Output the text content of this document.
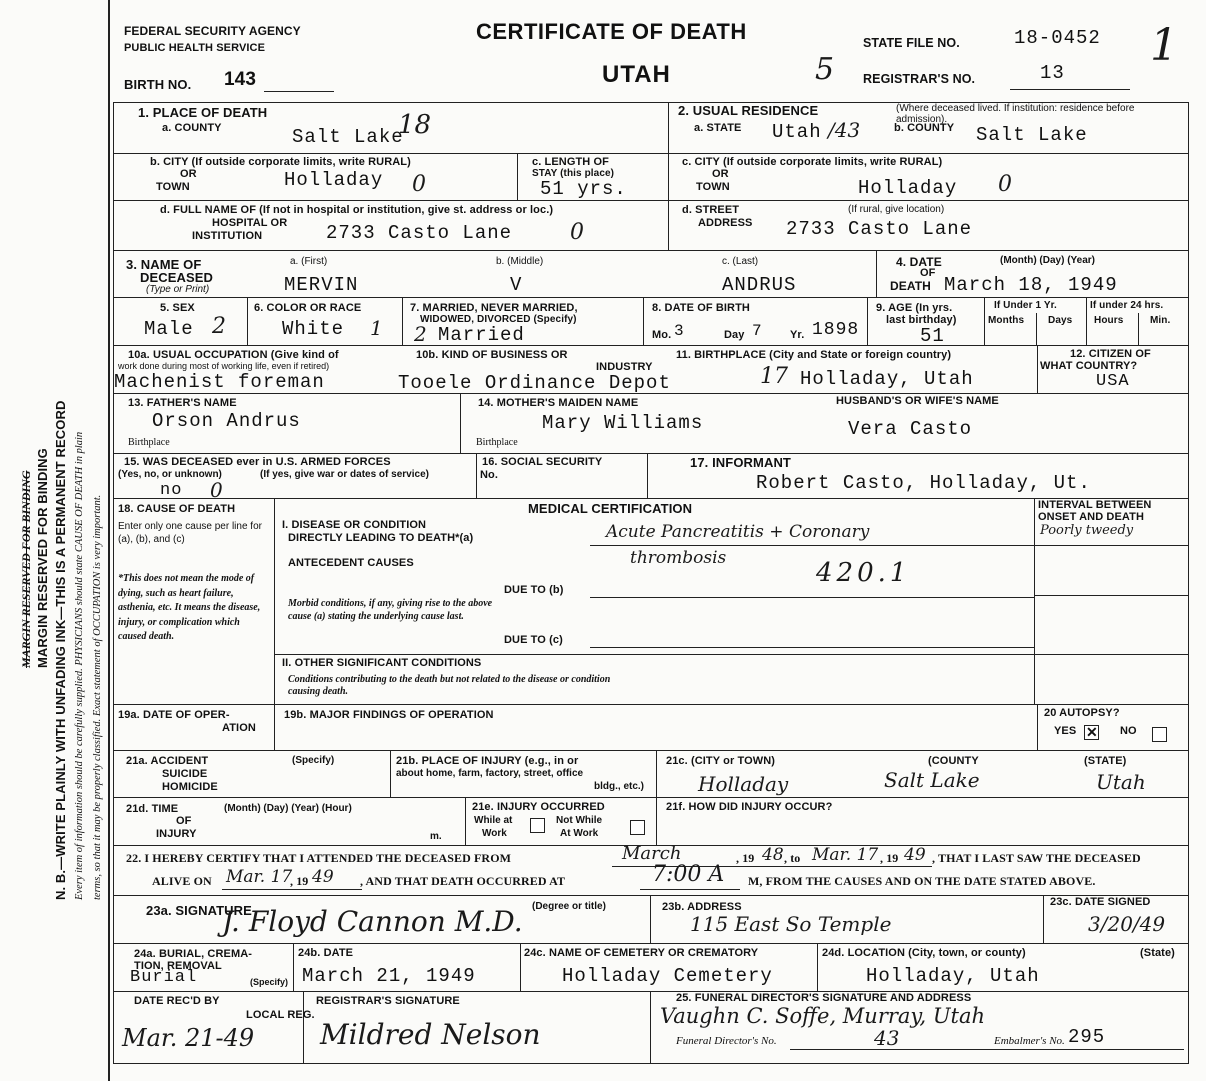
MARGIN RESERVED FOR BINDING MARGIN RESERVED FOR BINDING N. B.—WRITE PLAINLY WITH UNFADING INK—THIS IS A PERMANENT RECORD Every item of information should be carefully supplied. PHYSICIANS should state CAUSE OF DEATH in plain terms, so that it may be properly classified. Exact statement of OCCUPATION is very important.
FEDERAL SECURITY AGENCY
PUBLIC HEALTH SERVICE
CERTIFICATE OF DEATH	STATE FILE NO.	18-0452 1
BIRTH NO. 143	UTAH	5 REGISTRAR'S NO.	13
1. PLACE OF DEATH
a. COUNTY	Salt Lake
18
b. CITY (If outside corporate limits, write RURAL)
OR
TOWN	Holladay 0
c. LENGTH OF
STAY (this place)
51 yrs.
d. FULL NAME OF (If not in hospital or institution, give st. address or loc.)
HOSPITAL OR
INSTITUTION	2733 Casto Lane	0
2. USUAL RESIDENCE	(Where deceased lived. If institution: residence before admission).
a. STATE Utah /43	b. COUNTY Salt Lake
c. CITY (If outside corporate limits, write RURAL)
OR
TOWN	Holladay 0
d. STREET
ADDRESS
(If rural, give location)
2733 Casto Lane
3. NAME OF
DECEASED
(Type or Print)
a. (First)	b. (Middle)	c. (Last)
MERVIN	V	ANDRUS
4. DATE
OF
DEATH
(Month) (Day) (Year)
March 18, 1949
5. SEX
Male 2
6. COLOR OR RACE
White 1
7. MARRIED, NEVER MARRIED,
WIDOWED, DIVORCED (Specify)
2 Married
8. DATE OF BIRTH
Mo. 3	Day 7 Yr. 1898
9. AGE (In yrs.
last birthday)
51
If Under 1 Yr.
Months Days
If under 24 hrs.
Hours	Min.
10a. USUAL OCCUPATION (Give kind of
work done during most of working life, even if retired)
Machenist foreman
10b. KIND OF BUSINESS OR
INDUSTRY
Tooele Ordinance Depot
11. BIRTHPLACE (City and State or foreign country)
17 Holladay, Utah
12. CITIZEN OF
WHAT COUNTRY?
USA
13. FATHER'S NAME
Orson Andrus
Birthplace
14. MOTHER'S MAIDEN NAME
Mary Williams
Birthplace
HUSBAND'S OR WIFE'S NAME
Vera Casto
15. WAS DECEASED ever in U.S. ARMED FORCES
(Yes, no, or unknown)	(If yes, give war or dates of service)
no 0
16. SOCIAL SECURITY
No.
17. INFORMANT
Robert Casto, Holladay, Ut.
18. CAUSE OF DEATH
Enter only one cause per line for (a), (b), and (c)
*This does not mean the mode of dying, such as heart failure, asthenia, etc. It means the disease, injury, or complication which caused death.
MEDICAL CERTIFICATION	INTERVAL BETWEEN
ONSET AND DEATH
Poorly tweedy
I. DISEASE OR CONDITION
DIRECTLY LEADING TO DEATH*(a)	Acute Pancreatitis + Coronary
ANTECEDENT CAUSES	thrombosis	420.1
DUE TO (b)
Morbid conditions, if any, giving rise to the above cause (a) stating the underlying cause last.
DUE TO (c)
II. OTHER SIGNIFICANT CONDITIONS
Conditions contributing to the death but not related to the disease or condition causing death.
19a. DATE OF OPER-
ATION
19b. MAJOR FINDINGS OF OPERATION	20 AUTOPSY?
YES ✕ NO
21a. ACCIDENT
SUICIDE
HOMICIDE
(Specify)	21b. PLACE OF INJURY (e.g., in or
about home, farm, factory, street, office
bldg., etc.)
21c. (CITY or TOWN)	(COUNTY	(STATE)
Holladay	Salt Lake	Utah
21d. TIME
OF
INJURY
(Month) (Day) (Year) (Hour)
m.
21e. INJURY OCCURRED
While at
Work
Not While
At Work
21f. HOW DID INJURY OCCUR?
22. I HEREBY CERTIFY THAT I ATTENDED THE DECEASED FROM	March	, 19 48 , to Mar. 17 , 19 49 , THAT I LAST SAW THE DECEASED
ALIVE ON Mar. 17
, 19 49 , AND THAT DEATH OCCURRED AT	7:00 A M, FROM THE CAUSES AND ON THE DATE STATED ABOVE.
23a. SIGNATURE	(Degree or title)
J. Floyd Cannon M.D.	23b. ADDRESS
115 East So Temple
23c. DATE SIGNED
3/20/49
24a. BURIAL, CREMA-
TION, REMOVAL
Burial	(Specify)
24b. DATE
March 21, 1949
24c. NAME OF CEMETERY OR CREMATORY
Holladay Cemetery
24d. LOCATION (City, town, or county)	(State)
Holladay, Utah
DATE REC'D BY
LOCAL REG.
Mar. 21-49
REGISTRAR'S SIGNATURE
Mildred Nelson
25. FUNERAL DIRECTOR'S SIGNATURE AND ADDRESS
Vaughn C. Soffe, Murray, Utah
Funeral Director's No.	43	Embalmer's No. 295
